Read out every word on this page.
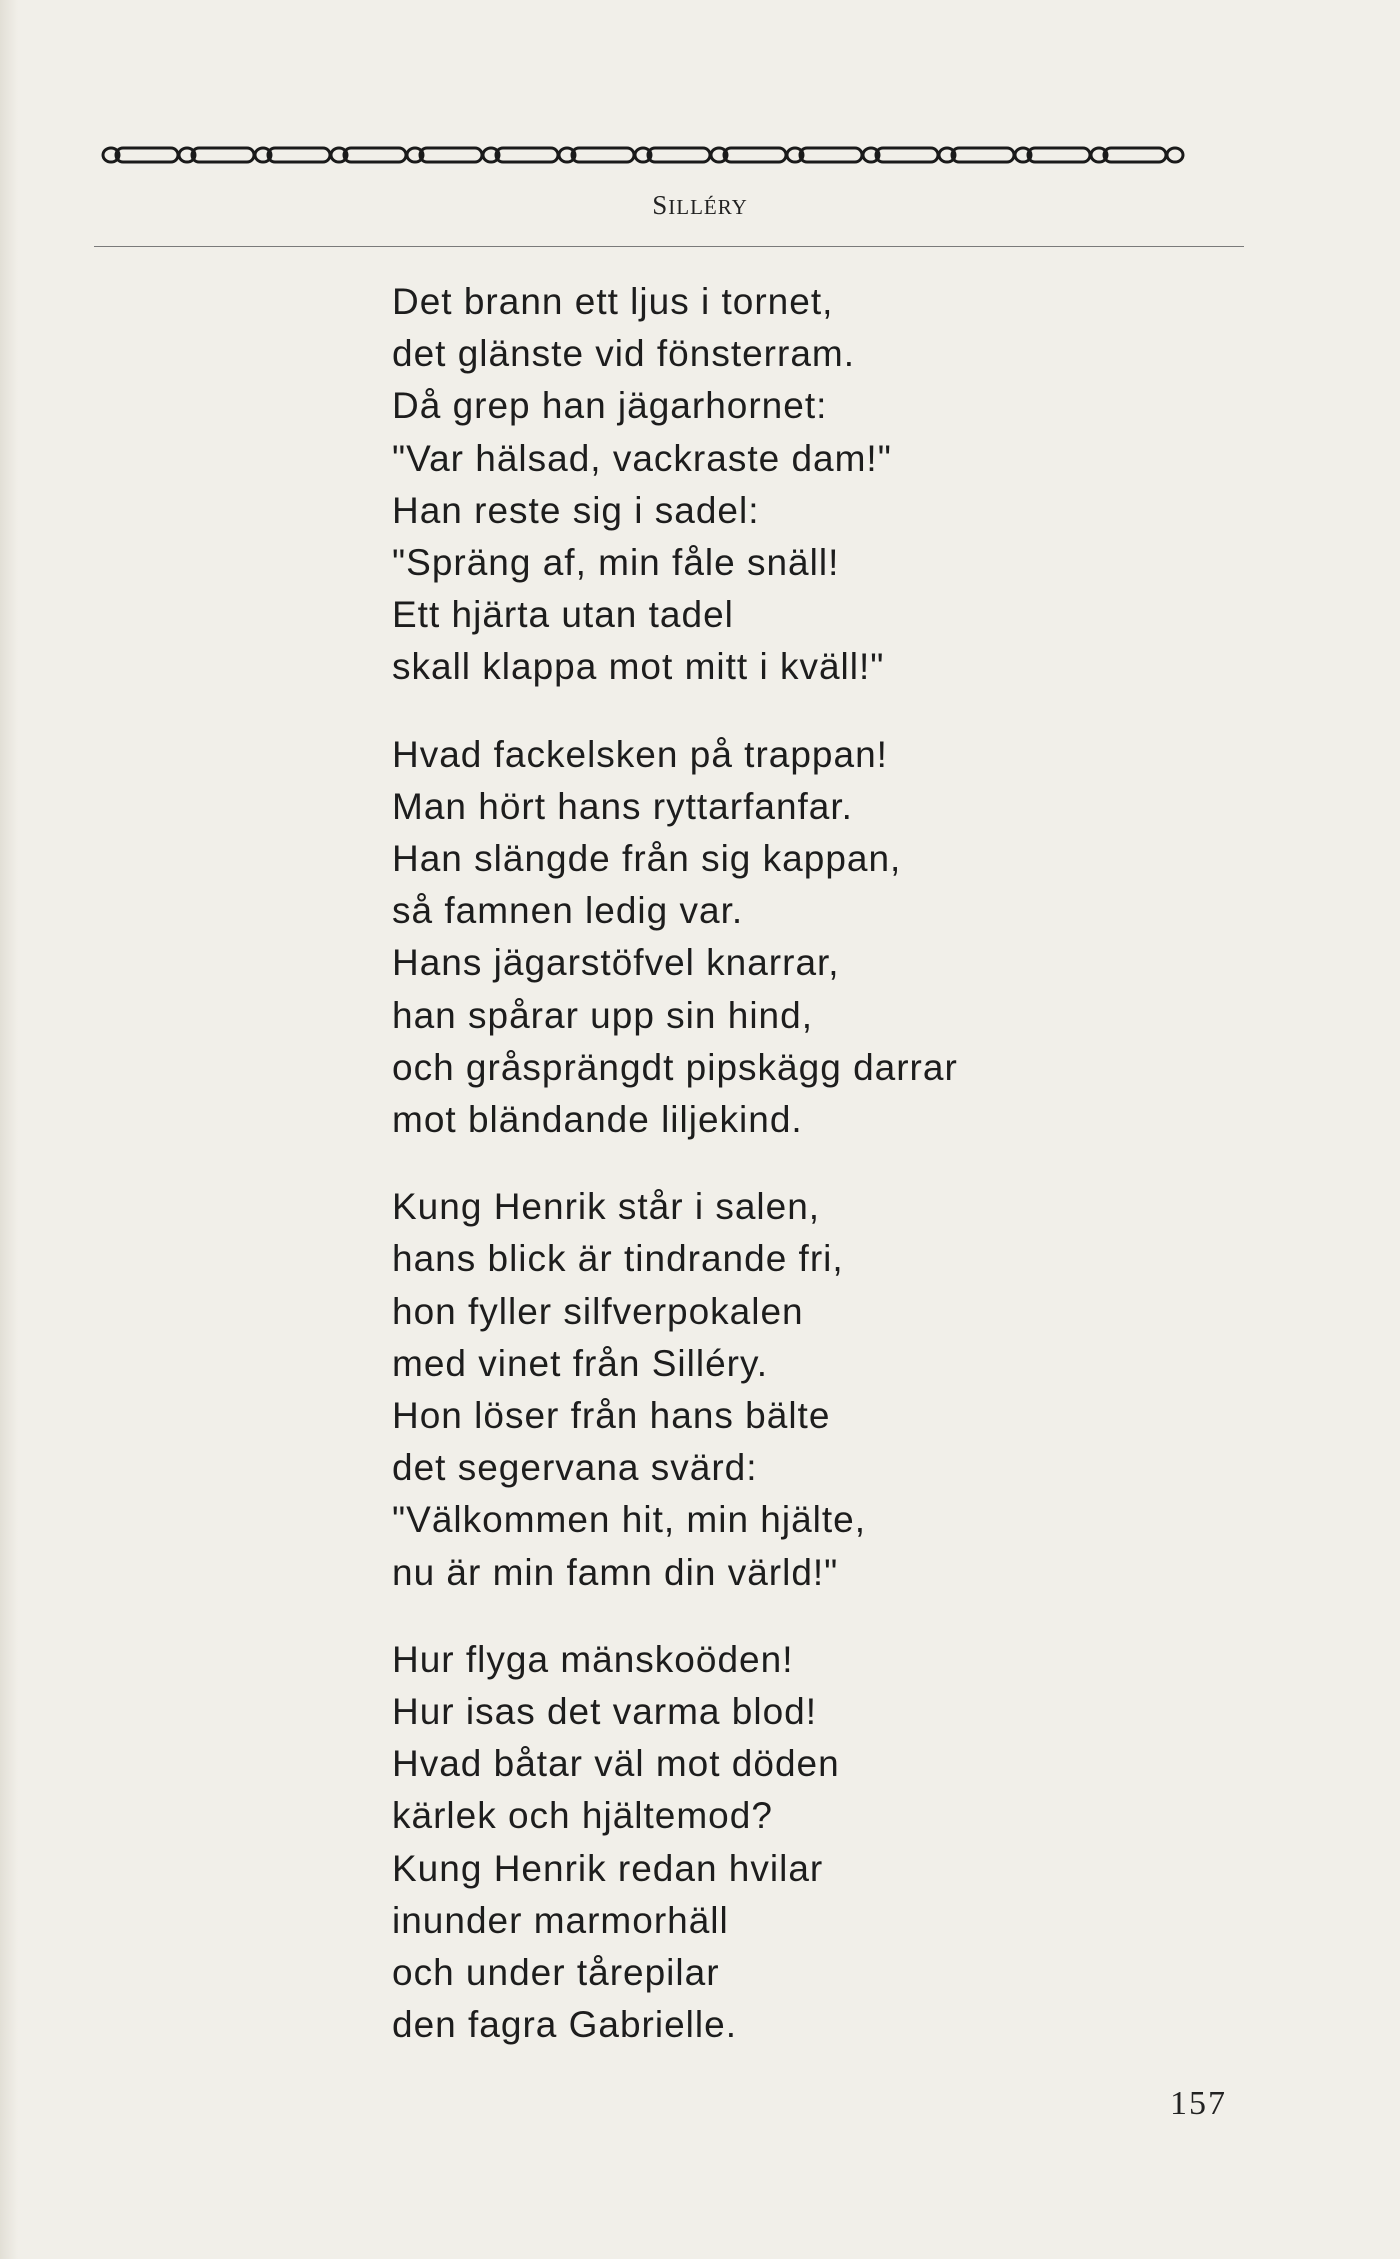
SILLÉRY
Det brann ett ljus i tornet,
det glänste vid fönsterram.
Då grep han jägarhornet:
"Var hälsad, vackraste dam!"
Han reste sig i sadel:
"Spräng af, min fåle snäll!
Ett hjärta utan tadel
skall klappa mot mitt i kväll!"
Hvad fackelsken på trappan!
Man hört hans ryttarfanfar.
Han slängde från sig kappan,
så famnen ledig var.
Hans jägarstöfvel knarrar,
han spårar upp sin hind,
och gråsprängdt pipskägg darrar
mot bländande liljekind.
Kung Henrik står i salen,
hans blick är tindrande fri,
hon fyller silfverpokalen
med vinet från Silléry.
Hon löser från hans bälte
det segervana svärd:
"Välkommen hit, min hjälte,
nu är min famn din värld!"
Hur flyga mänskoöden!
Hur isas det varma blod!
Hvad båtar väl mot döden
kärlek och hjältemod?
Kung Henrik redan hvilar
inunder marmorhäll
och under tårepilar
den fagra Gabrielle.
157
